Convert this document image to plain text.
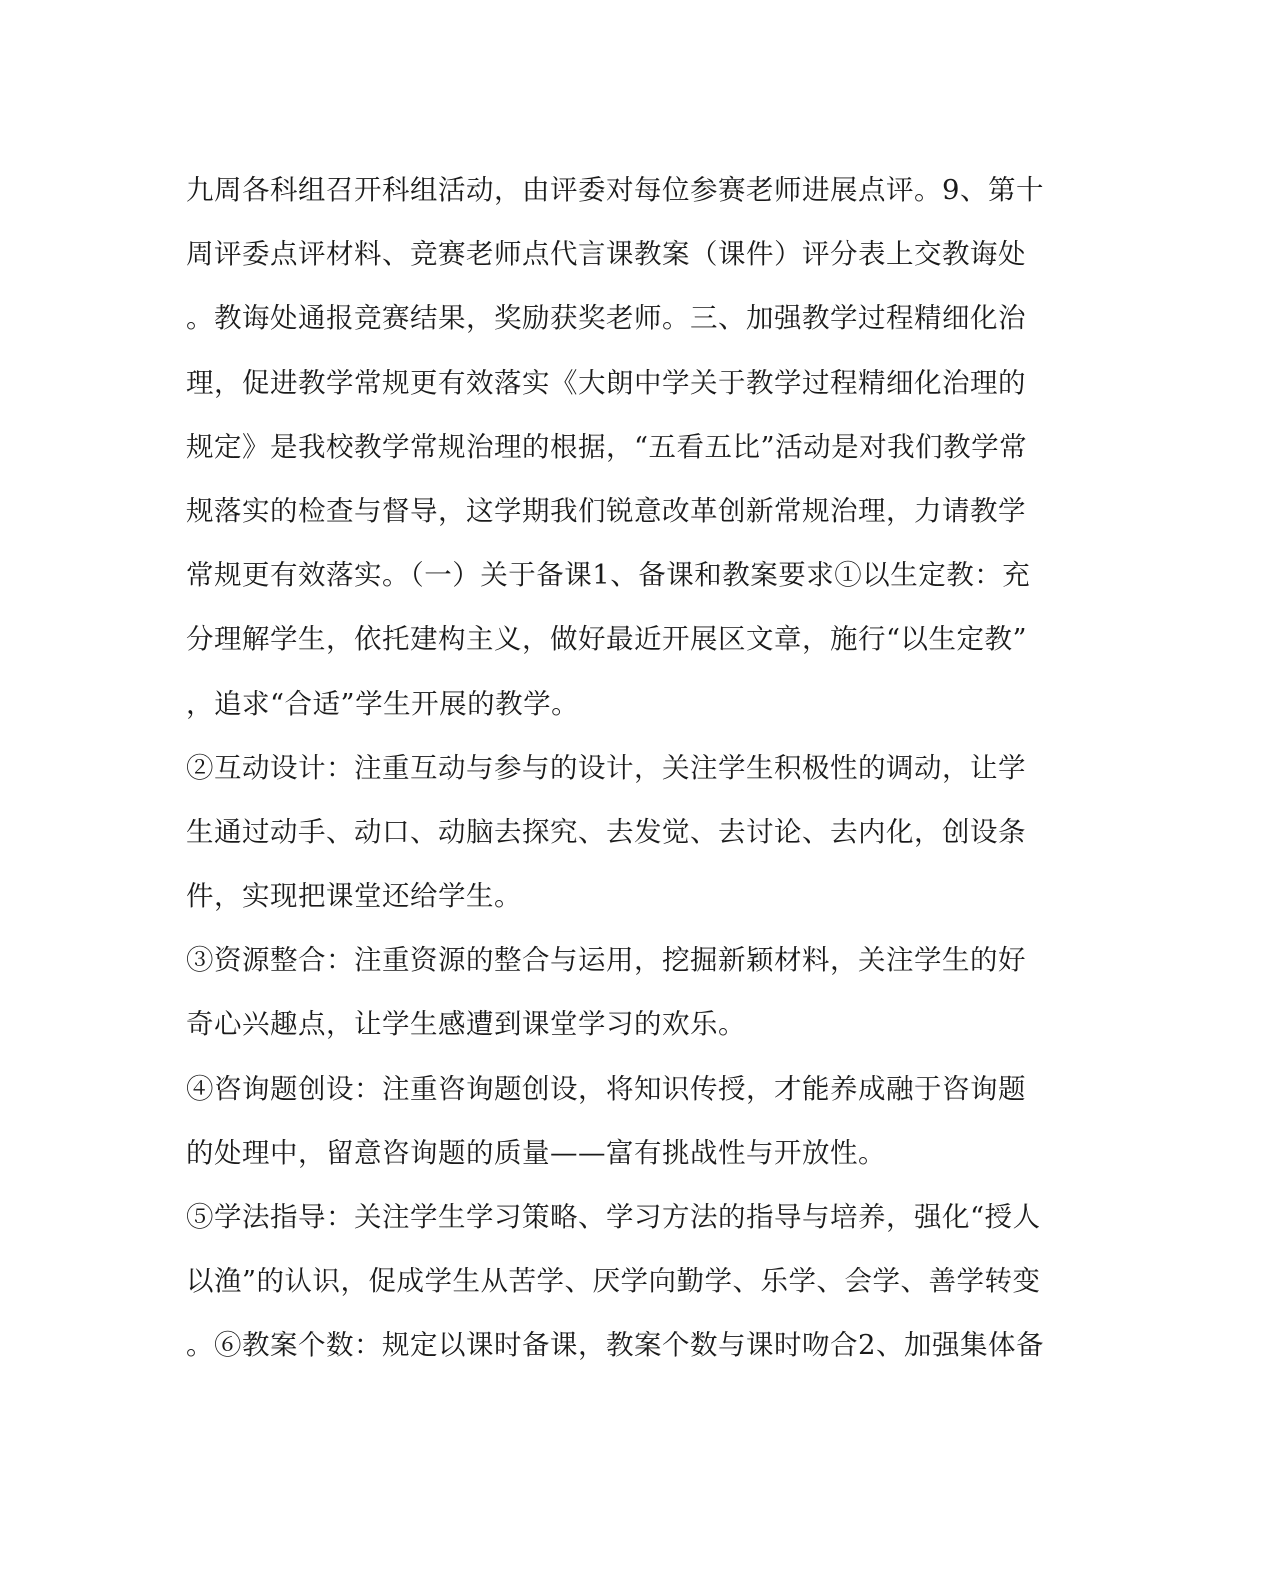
九周各科组召开科组活动，由评委对每位参赛老师进展点评。9、第十
周评委点评材料、竞赛老师点代言课教案（课件）评分表上交教诲处
。教诲处通报竞赛结果，奖励获奖老师。三、加强教学过程精细化治
理，促进教学常规更有效落实《大朗中学关于教学过程精细化治理的
规定》是我校教学常规治理的根据，“五看五比”活动是对我们教学常
规落实的检查与督导，这学期我们锐意改革创新常规治理，力请教学
常规更有效落实。（一）关于备课1、备课和教案要求①以生定教：充
分理解学生，依托建构主义，做好最近开展区文章，施行“以生定教”
，追求“合适”学生开展的教学。
②互动设计：注重互动与参与的设计，关注学生积极性的调动，让学
生通过动手、动口、动脑去探究、去发觉、去讨论、去内化，创设条
件，实现把课堂还给学生。
③资源整合：注重资源的整合与运用，挖掘新颖材料，关注学生的好
奇心兴趣点，让学生感遭到课堂学习的欢乐。
④咨询题创设：注重咨询题创设，将知识传授，才能养成融于咨询题
的处理中，留意咨询题的质量——富有挑战性与开放性。
⑤学法指导：关注学生学习策略、学习方法的指导与培养，强化“授人
以渔”的认识，促成学生从苦学、厌学向勤学、乐学、会学、善学转变
。⑥教案个数：规定以课时备课，教案个数与课时吻合2、加强集体备
